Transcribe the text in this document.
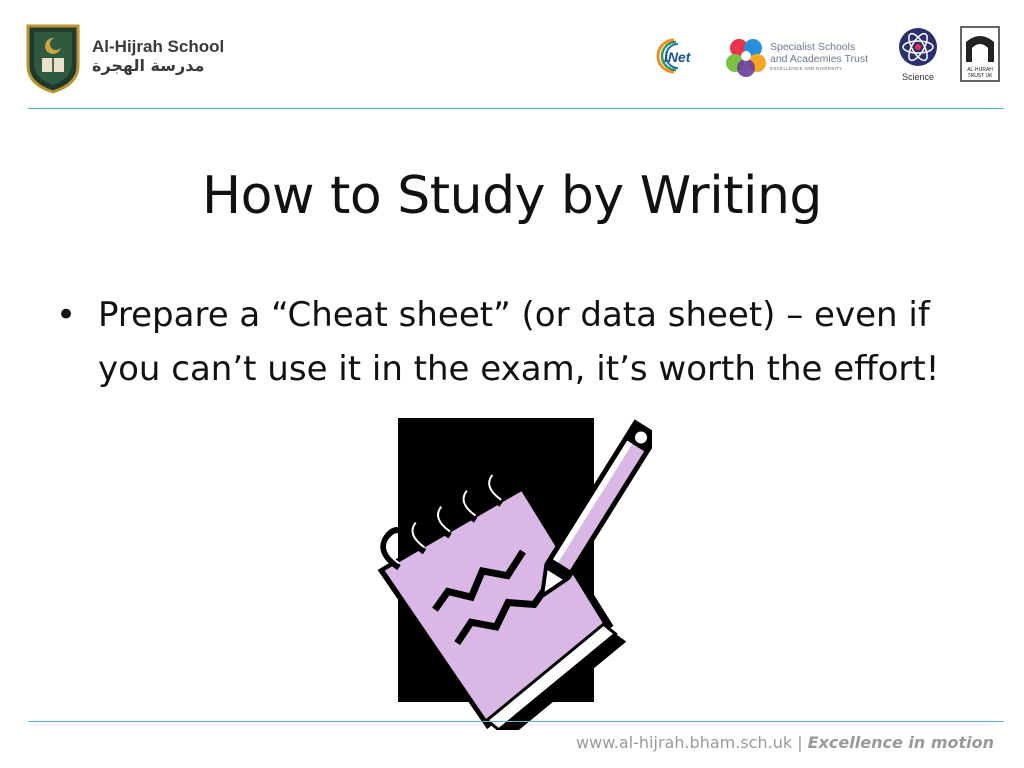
Al-Hijrah School
مدرسة الهجرة	iNet
Specialist Schools
and Academies Trust
EXCELLENCE AND DIVERSITY
Science
AL-HIJRAH
TRUST UK
How to Study by Writing
• Prepare a “Cheat sheet” (or data sheet) – even if you can’t use it in the exam, it’s worth the effort!
www.al-hijrah.bham.sch.uk | Excellence in motion
